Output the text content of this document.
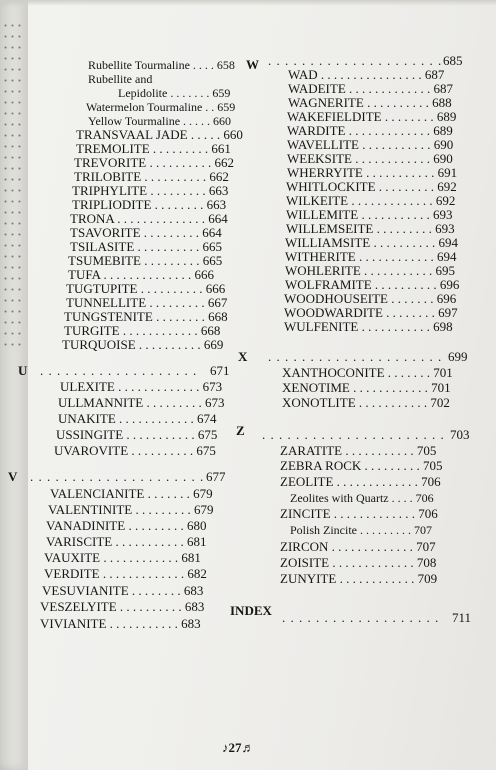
Rubellite Tourmaline . . . . 658
Rubellite and
Lepidolite . . . . . . . 659
Watermelon Tourmaline . . 659
Yellow Tourmaline . . . . . 660
TRANSVAAL JADE . . . . . 660
TREMOLITE . . . . . . . . . 661
TREVORITE . . . . . . . . . . 662
TRILOBITE . . . . . . . . . . 662
TRIPHYLITE . . . . . . . . . 663
TRIPLIODITE . . . . . . . . 663
TRONA . . . . . . . . . . . . . . 664
TSAVORITE . . . . . . . . . 664
TSILASITE . . . . . . . . . . 665
TSUMEBITE . . . . . . . . . 665
TUFA . . . . . . . . . . . . . . 666
TUGTUPITE . . . . . . . . . . 666
TUNNELLITE . . . . . . . . . 667
TUNGSTENITE . . . . . . . . 668
TURGITE . . . . . . . . . . . . 668
TURQUOISE . . . . . . . . . . 669
U . . . . . . . . . . . . . . . . . . . 671
ULEXITE . . . . . . . . . . . . . 673
ULLMANNITE . . . . . . . . . 673
UNAKITE . . . . . . . . . . . . 674
USSINGITE . . . . . . . . . . . 675
UVAROVITE . . . . . . . . . . 675
V . . . . . . . . . . . . . . . . . . . . . 677
VALENCIANITE . . . . . . . 679
VALENTINITE . . . . . . . . . 679
VANADINITE . . . . . . . . . 680
VARISCITE . . . . . . . . . . . 681
VAUXITE . . . . . . . . . . . . 681
VERDITE . . . . . . . . . . . . . 682
VESUVIANITE . . . . . . . . 683
VESZELYITE . . . . . . . . . . 683
VIVIANITE . . . . . . . . . . . 683
W . . . . . . . . . . . . . . . . . . . . . 685
WAD . . . . . . . . . . . . . . . . 687
WADEITE . . . . . . . . . . . . . 687
WAGNERITE . . . . . . . . . . 688
WAKEFIELDITE . . . . . . . . 689
WARDITE . . . . . . . . . . . . . 689
WAVELLITE . . . . . . . . . . . 690
WEEKSITE . . . . . . . . . . . . 690
WHERRYITE . . . . . . . . . . . 691
WHITLOCKITE . . . . . . . . . 692
WILKEITE . . . . . . . . . . . . . 692
WILLEMITE . . . . . . . . . . . 693
WILLEMSEITE . . . . . . . . . 693
WILLIAMSITE . . . . . . . . . . 694
WITHERITE . . . . . . . . . . . . 694
WOHLERITE . . . . . . . . . . . 695
WOLFRAMITE . . . . . . . . . . 696
WOODHOUSEITE . . . . . . . 696
WOODWARDITE . . . . . . . . 697
WULFENITE . . . . . . . . . . . 698
X . . . . . . . . . . . . . . . . . . . . . 699
XANTHOCONITE . . . . . . . 701
XENOTIME . . . . . . . . . . . . 701
XONOTLITE . . . . . . . . . . . 702
Z . . . . . . . . . . . . . . . . . . . . . . 703
ZARATITE . . . . . . . . . . . 705
ZEBRA ROCK . . . . . . . . . 705
ZEOLITE . . . . . . . . . . . . . 706
Zeolites with Quartz . . . . 706
ZINCITE . . . . . . . . . . . . . 706
Polish Zincite . . . . . . . . . 707
ZIRCON . . . . . . . . . . . . . 707
ZOISITE . . . . . . . . . . . . . 708
ZUNYITE . . . . . . . . . . . . 709
INDEX . . . . . . . . . . . . . . . . . . . 711
♪27♬
